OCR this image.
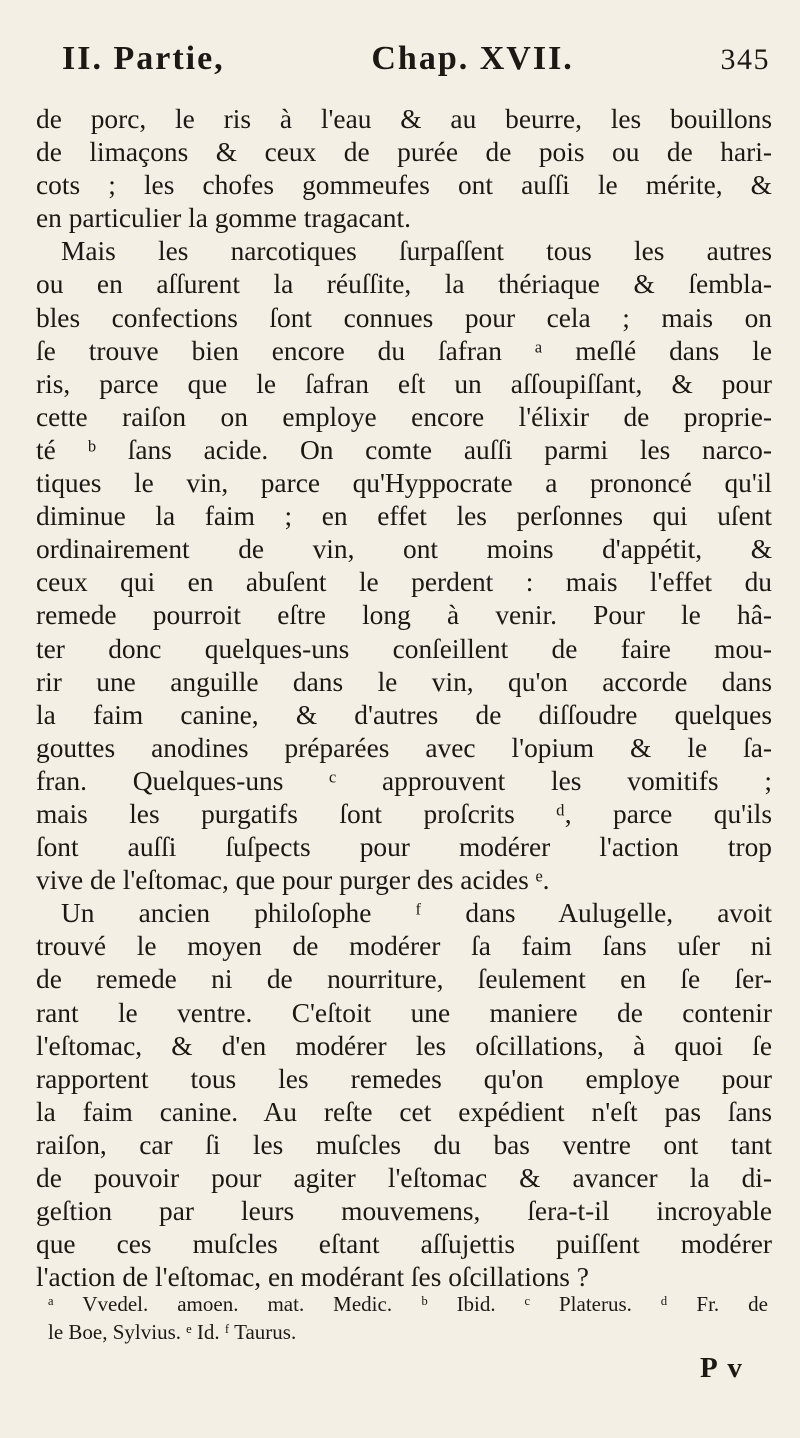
II. Partie,	Chap. XVII.	345
de porc, le ris à l'eau & au beurre, les bouillons
de limaçons & ceux de purée de pois ou de hari-
cots ; les chofes gommeufes ont auſſi le mérite, &
en particulier la gomme tragacant.
Mais les narcotiques ſurpaſſent tous les autres
ou en aſſurent la réuſſite, la thériaque & ſembla-
bles confections ſont connues pour cela ; mais on
ſe trouve bien encore du ſafran ᵃ meſlé dans le
ris, parce que le ſafran eſt un aſſoupiſſant, & pour
cette raiſon on employe encore l'élixir de proprie-
té ᵇ ſans acide. On comte auſſi parmi les narco-
tiques le vin, parce qu'Hyppocrate a prononcé qu'il
diminue la faim ; en effet les perſonnes qui uſent
ordinairement de vin, ont moins d'appétit, &
ceux qui en abuſent le perdent : mais l'effet du
remede pourroit eſtre long à venir. Pour le hâ-
ter donc quelques-uns conſeillent de faire mou-
rir une anguille dans le vin, qu'on accorde dans
la faim canine, & d'autres de diſſoudre quelques
gouttes anodines préparées avec l'opium & le ſa-
fran. Quelques-uns ᶜ approuvent les vomitifs ;
mais les purgatifs ſont proſcrits ᵈ, parce qu'ils
ſont auſſi ſuſpects pour modérer l'action trop
vive de l'eſtomac, que pour purger des acides ᵉ.
Un ancien philoſophe ᶠ dans Aulugelle, avoit
trouvé le moyen de modérer ſa faim ſans uſer ni
de remede ni de nourriture, ſeulement en ſe ſer-
rant le ventre. C'eſtoit une maniere de contenir
l'eſtomac, & d'en modérer les oſcillations, à quoi ſe
rapportent tous les remedes qu'on employe pour
la faim canine. Au reſte cet expédient n'eſt pas ſans
raiſon, car ſi les muſcles du bas ventre ont tant
de pouvoir pour agiter l'eſtomac & avancer la di-
geſtion par leurs mouvemens, ſera-t-il incroyable
que ces muſcles eſtant aſſujettis puiſſent modérer
l'action de l'eſtomac, en modérant ſes oſcillations ?
ᵃ Vvedel. amoen. mat. Medic. ᵇ Ibid. ᶜ Platerus. ᵈ Fr. de
le Boe, Sylvius. ᵉ Id. ᶠ Taurus.
P v
